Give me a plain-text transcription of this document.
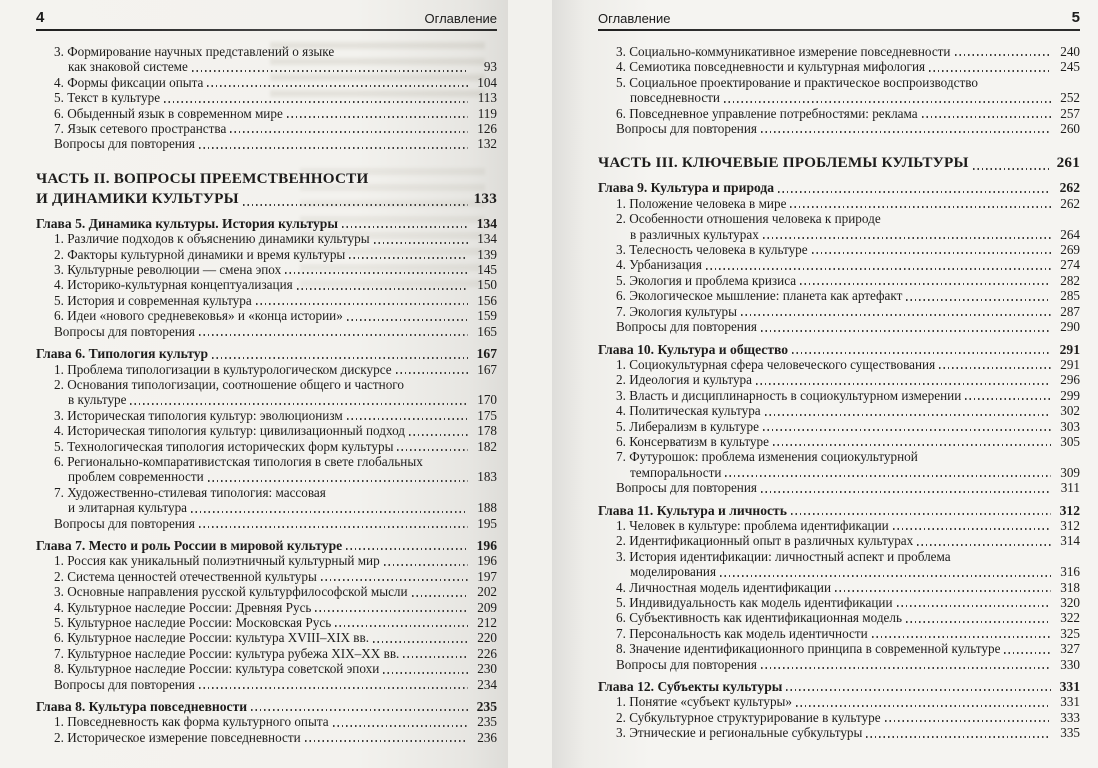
4	Оглавление
3. Формирование научных представлений о языке
как знаковой системе	93
4. Формы фиксации опыта	104
5. Текст в культуре	113
6. Обыденный язык в современном мире	119
7. Язык сетевого пространства	126
Вопросы для повторения	132
ЧАСТЬ II. ВОПРОСЫ ПРЕЕМСТВЕННОСТИ
И ДИНАМИКИ КУЛЬТУРЫ	133
Глава 5. Динамика культуры. История культуры	134
1. Различие подходов к объяснению динамики культуры	134
2. Факторы культурной динамики и время культуры	139
3. Культурные революции — смена эпох	145
4. Историко-культурная концептуализация	150
5. История и современная культура	156
6. Идеи «нового средневековья» и «конца истории»	159
Вопросы для повторения	165
Глава 6. Типология культур	167
1. Проблема типологизации в культурологическом дискурсе	167
2. Основания типологизации, соотношение общего и частного
в культуре	170
3. Историческая типология культур: эволюционизм	175
4. Историческая типология культур: цивилизационный подход	178
5. Технологическая типология исторических форм культуры	182
6. Регионально-компаративистская типология в свете глобальных
проблем современности	183
7. Художественно-стилевая типология: массовая
и элитарная культура	188
Вопросы для повторения	195
Глава 7. Место и роль России в мировой культуре	196
1. Россия как уникальный полиэтничный культурный мир	196
2. Система ценностей отечественной культуры	197
3. Основные направления русской культурфилософской мысли	202
4. Культурное наследие России: Древняя Русь	209
5. Культурное наследие России: Московская Русь	212
6. Культурное наследие России: культура XVIII–XIX вв.	220
7. Культурное наследие России: культура рубежа XIX–XX вв.	226
8. Культурное наследие России: культура советской эпохи	230
Вопросы для повторения	234
Глава 8. Культура повседневности	235
1. Повседневность как форма культурного опыта	235
2. Историческое измерение повседневности	236
Оглавление	5
3. Социально-коммуникативное измерение повседневности	240
4. Семиотика повседневности и культурная мифология	245
5. Социальное проектирование и практическое воспроизводство
повседневности	252
6. Повседневное управление потребностями: реклама	257
Вопросы для повторения	260
ЧАСТЬ III. КЛЮЧЕВЫЕ ПРОБЛЕМЫ КУЛЬТУРЫ	261
Глава 9. Культура и природа	262
1. Положение человека в мире	262
2. Особенности отношения человека к природе
в различных культурах	264
3. Телесность человека в культуре	269
4. Урбанизация	274
5. Экология и проблема кризиса	282
6. Экологическое мышление: планета как артефакт	285
7. Экология культуры	287
Вопросы для повторения	290
Глава 10. Культура и общество	291
1. Социокультурная сфера человеческого существования	291
2. Идеология и культура	296
3. Власть и дисциплинарность в социокультурном измерении	299
4. Политическая культура	302
5. Либерализм в культуре	303
6. Консерватизм в культуре	305
7. Футурошок: проблема изменения социокультурной
темпоральности	309
Вопросы для повторения	311
Глава 11. Культура и личность	312
1. Человек в культуре: проблема идентификации	312
2. Идентификационный опыт в различных культурах	314
3. История идентификации: личностный аспект и проблема
моделирования	316
4. Личностная модель идентификации	318
5. Индивидуальность как модель идентификации	320
6. Субъективность как идентификационная модель	322
7. Персональность как модель идентичности	325
8. Значение идентификационного принципа в современной культуре	327
Вопросы для повторения	330
Глава 12. Субъекты культуры	331
1. Понятие «субъект культуры»	331
2. Субкультурное структурирование в культуре	333
3. Этнические и региональные субкультуры	335
